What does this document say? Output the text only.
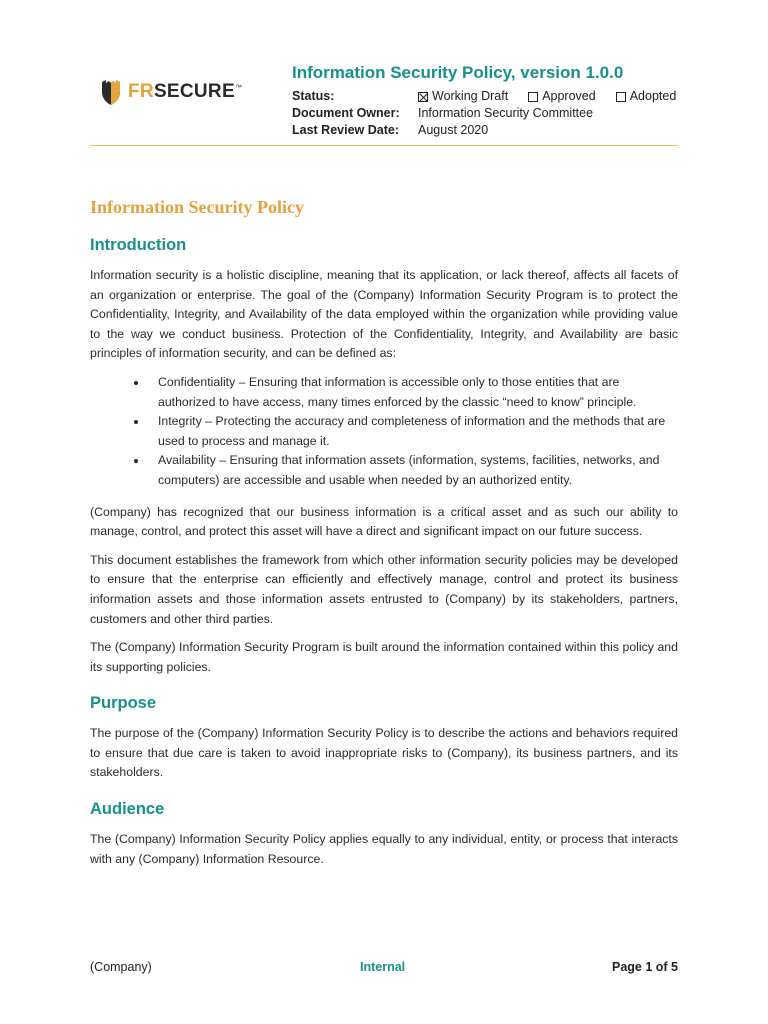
FRSECURE™
Information Security Policy, version 1.0.0
Status:	Working Draft	Approved	Adopted
Document Owner:	Information Security Committee
Last Review Date:	August 2020
Information Security Policy
Introduction

Information security is a holistic discipline, meaning that its application, or lack thereof, affects all facets of an organization or enterprise. The goal of the (Company) Information Security Program is to protect the Confidentiality, Integrity, and Availability of the data employed within the organization while providing value to the way we conduct business. Protection of the Confidentiality, Integrity, and Availability are basic principles of information security, and can be defined as:

Confidentiality – Ensuring that information is accessible only to those entities that are authorized to have access, many times enforced by the classic “need to know” principle.
Integrity – Protecting the accuracy and completeness of information and the methods that are used to process and manage it.
Availability – Ensuring that information assets (information, systems, facilities, networks, and computers) are accessible and usable when needed by an authorized entity.

(Company) has recognized that our business information is a critical asset and as such our ability to manage, control, and protect this asset will have a direct and significant impact on our future success.

This document establishes the framework from which other information security policies may be developed to ensure that the enterprise can efficiently and effectively manage, control and protect its business information assets and those information assets entrusted to (Company) by its stakeholders, partners, customers and other third parties.

The (Company) Information Security Program is built around the information contained within this policy and its supporting policies.

Purpose

The purpose of the (Company) Information Security Policy is to describe the actions and behaviors required to ensure that due care is taken to avoid inappropriate risks to (Company), its business partners, and its stakeholders.

Audience

The (Company) Information Security Policy applies equally to any individual, entity, or process that interacts with any (Company) Information Resource.

(Company)	Internal	Page 1 of 5
